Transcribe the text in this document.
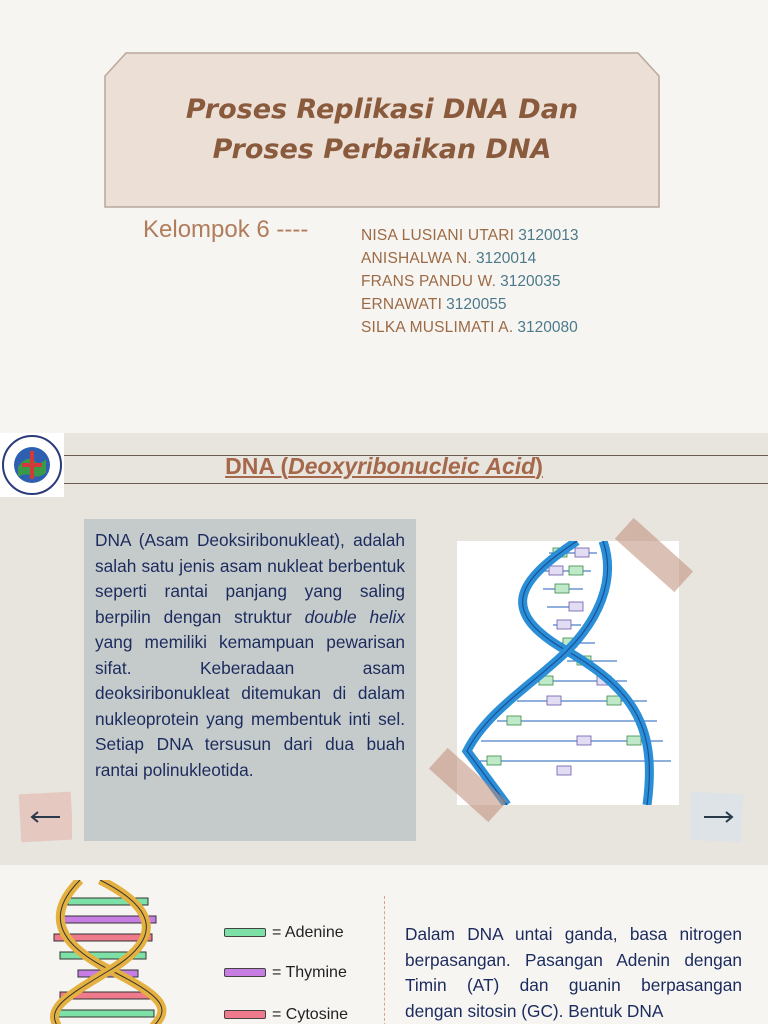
Proses Replikasi DNA Dan
Proses Perbaikan DNA
Kelompok 6 ----	NISA LUSIANI UTARI 3120013
ANISHALWA N. 3120014
FRANS PANDU W. 3120035
ERNAWATI 3120055
SILKA MUSLIMATI A. 3120080
DNA (Deoxyribonucleic Acid)

DNA (Asam Deoksiribonukleat), adalah salah satu jenis asam nukleat berbentuk seperti rantai panjang yang saling berpilin dengan struktur double helix yang memiliki kemampuan pewarisan sifat. Keberadaan asam deoksiribonukleat ditemukan di dalam nukleoprotein yang membentuk inti sel. Setiap DNA tersusun dari dua buah rantai polinukleotida.

= Adenine
= Thymine
= Cytosine

Dalam DNA untai ganda, basa nitrogen berpasangan. Pasangan Adenin dengan Timin (AT) dan guanin berpasangan dengan sitosin (GC). Bentuk DNA
